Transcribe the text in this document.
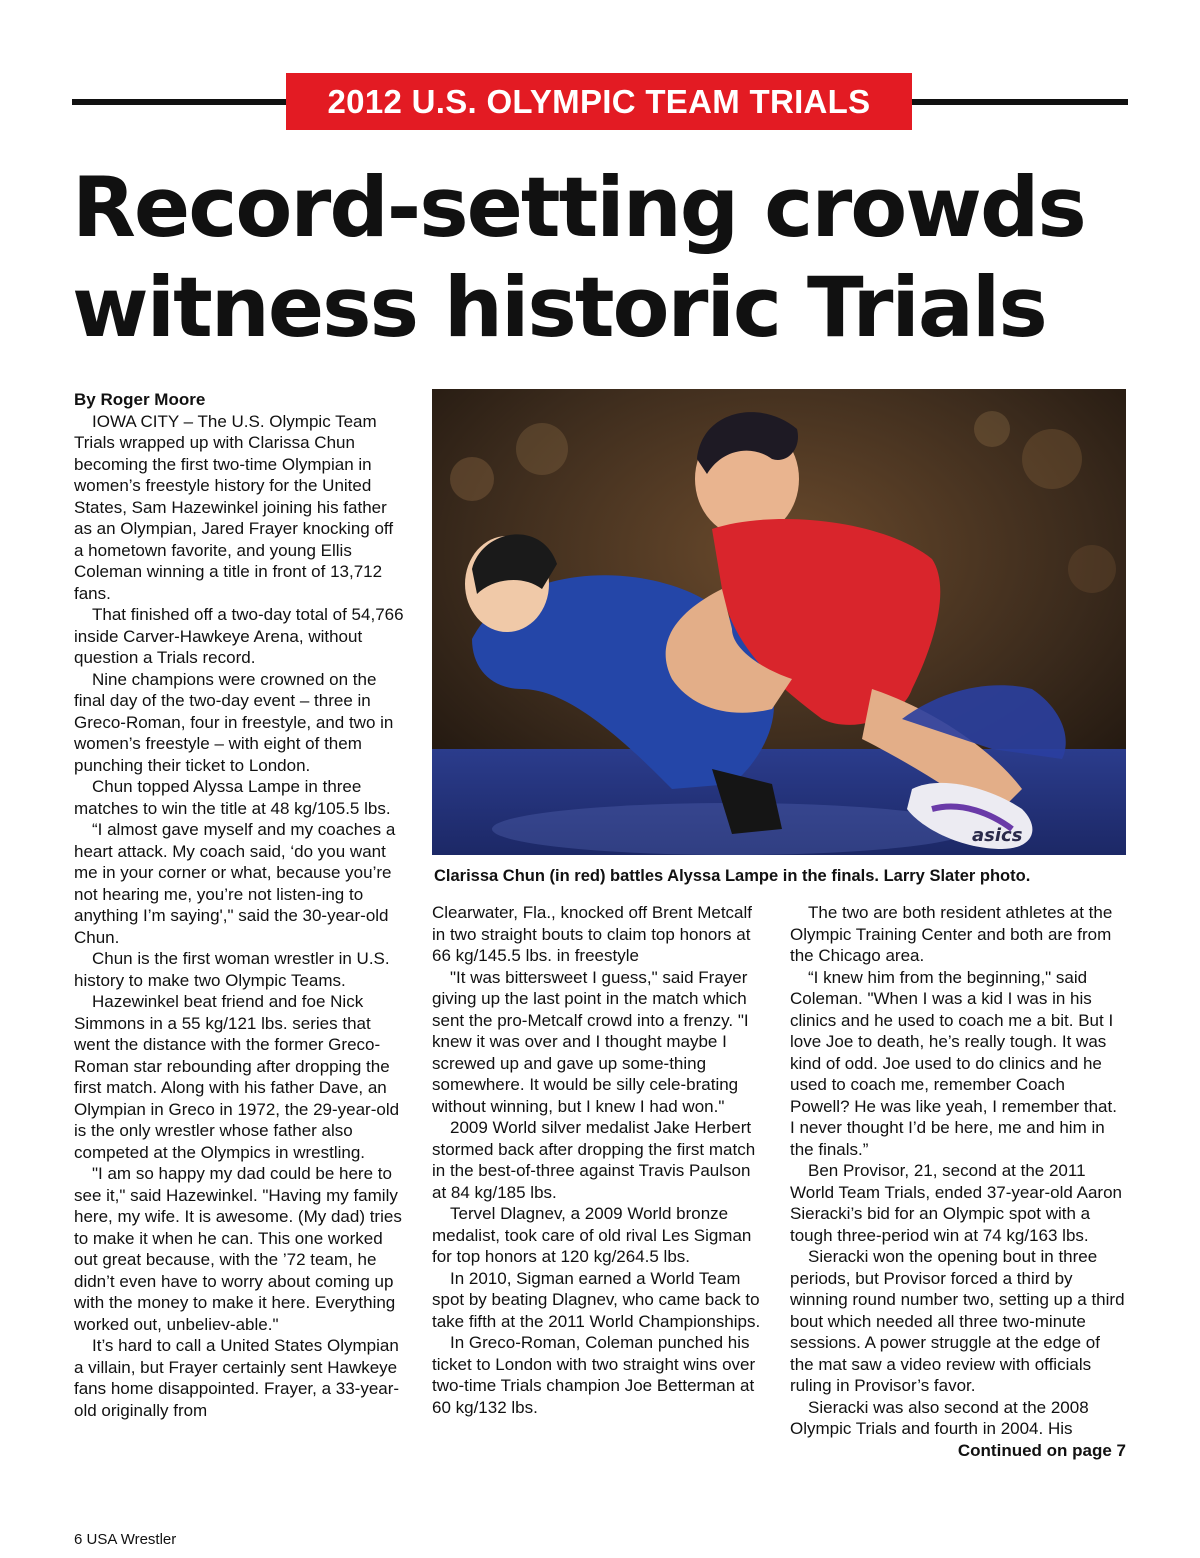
2012 U.S. OLYMPIC TEAM TRIALS
Record-setting crowds
witness historic Trials

By Roger Moore

IOWA CITY – The U.S. Olympic Team Trials wrapped up with Clarissa Chun becoming the first two-time Olympian in women’s freestyle history for the United States, Sam Hazewinkel joining his father as an Olympian, Jared Frayer knocking off a hometown favorite, and young Ellis Coleman winning a title in front of 13,712 fans.

That finished off a two-day total of 54,766 inside Carver-Hawkeye Arena, without question a Trials record.

Nine champions were crowned on the final day of the two-day event – three in Greco-Roman, four in freestyle, and two in women’s freestyle – with eight of them punching their ticket to London.

Chun topped Alyssa Lampe in three matches to win the title at 48 kg/105.5 lbs.

“I almost gave myself and my coaches a heart attack. My coach said, ‘do you want me in your corner or what, because you’re not hearing me, you’re not listen-ing to anything I’m saying'," said the 30-year-old Chun.

Chun is the first woman wrestler in U.S. history to make two Olympic Teams.

Hazewinkel beat friend and foe Nick Simmons in a 55 kg/121 lbs. series that went the distance with the former Greco-Roman star rebounding after dropping the first match. Along with his father Dave, an Olympian in Greco in 1972, the 29-year-old is the only wrestler whose father also competed at the Olympics in wrestling.

"I am so happy my dad could be here to see it," said Hazewinkel. "Having my family here, my wife. It is awesome. (My dad) tries to make it when he can. This one worked out great because, with the ’72 team, he didn’t even have to worry about coming up with the money to make it here. Everything worked out, unbeliev-able."

It’s hard to call a United States Olympian a villain, but Frayer certainly sent Hawkeye fans home disappointed. Frayer, a 33-year-old originally from

asics

Clarissa Chun (in red) battles Alyssa Lampe in the finals. Larry Slater photo.

Clearwater, Fla., knocked off Brent Metcalf in two straight bouts to claim top honors at 66 kg/145.5 lbs. in freestyle

"It was bittersweet I guess," said Frayer giving up the last point in the match which sent the pro-Metcalf crowd into a frenzy. "I knew it was over and I thought maybe I screwed up and gave up some-thing somewhere. It would be silly cele-brating without winning, but I knew I had won."

2009 World silver medalist Jake Herbert stormed back after dropping the first match in the best-of-three against Travis Paulson at 84 kg/185 lbs.

Tervel Dlagnev, a 2009 World bronze medalist, took care of old rival Les Sigman for top honors at 120 kg/264.5 lbs.

In 2010, Sigman earned a World Team spot by beating Dlagnev, who came back to take fifth at the 2011 World Championships.

In Greco-Roman, Coleman punched his ticket to London with two straight wins over two-time Trials champion Joe Betterman at 60 kg/132 lbs.

The two are both resident athletes at the Olympic Training Center and both are from the Chicago area.

“I knew him from the beginning," said Coleman. "When I was a kid I was in his clinics and he used to coach me a bit. But I love Joe to death, he’s really tough. It was kind of odd. Joe used to do clinics and he used to coach me, remember Coach Powell? He was like yeah, I remember that. I never thought I’d be here, me and him in the finals.”

Ben Provisor, 21, second at the 2011 World Team Trials, ended 37-year-old Aaron Sieracki’s bid for an Olympic spot with a tough three-period win at 74 kg/163 lbs.

Sieracki won the opening bout in three periods, but Provisor forced a third by winning round number two, setting up a third bout which needed all three two-minute sessions. A power struggle at the edge of the mat saw a video review with officials ruling in Provisor’s favor.

Sieracki was also second at the 2008 Olympic Trials and fourth in 2004. His

Continued on page 7

6 USA Wrestler
